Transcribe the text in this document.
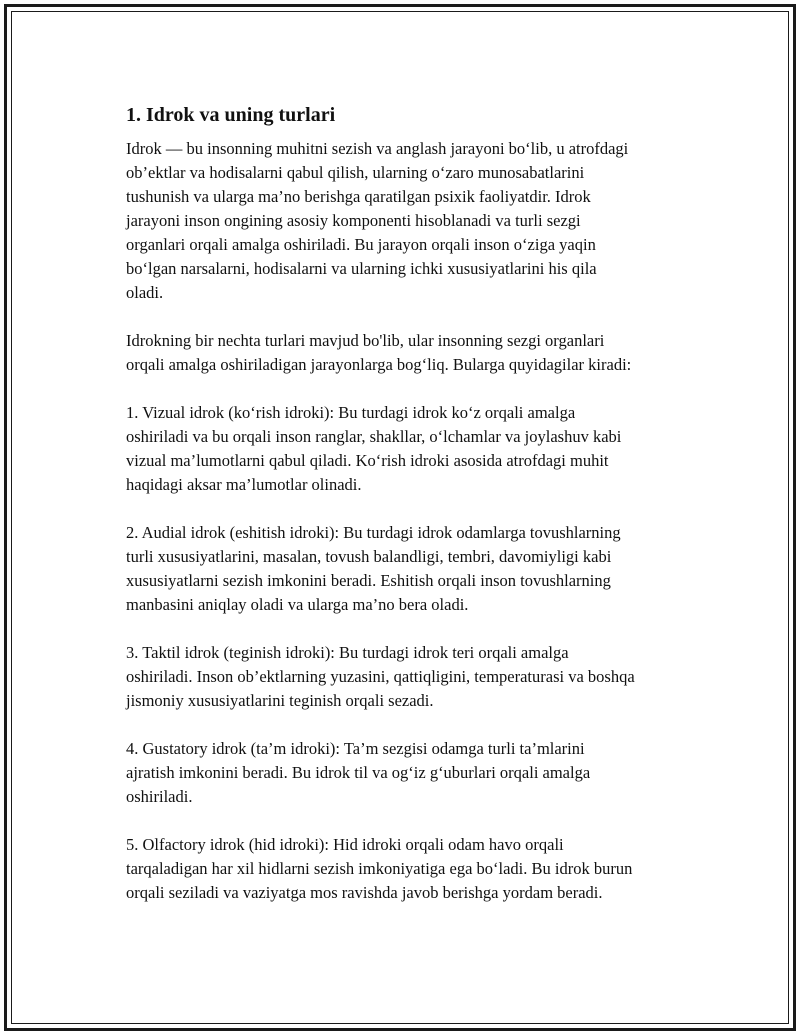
1. Idrok va uning turlari

Idrok — bu insonning muhitni sezish va anglash jarayoni bo‘lib, u atrofdagi
ob’ektlar va hodisalarni qabul qilish, ularning o‘zaro munosabatlarini
tushunish va ularga ma’no berishga qaratilgan psixik faoliyatdir. Idrok
jarayoni inson ongining asosiy komponenti hisoblanadi va turli sezgi
organlari orqali amalga oshiriladi. Bu jarayon orqali inson o‘ziga yaqin
bo‘lgan narsalarni, hodisalarni va ularning ichki xususiyatlarini his qila
oladi.

Idrokning bir nechta turlari mavjud bo'lib, ular insonning sezgi organlari
orqali amalga oshiriladigan jarayonlarga bog‘liq. Bularga quyidagilar kiradi:

1. Vizual idrok (ko‘rish idroki): Bu turdagi idrok ko‘z orqali amalga
oshiriladi va bu orqali inson ranglar, shakllar, o‘lchamlar va joylashuv kabi
vizual ma’lumotlarni qabul qiladi. Ko‘rish idroki asosida atrofdagi muhit
haqidagi aksar ma’lumotlar olinadi.

2. Audial idrok (eshitish idroki): Bu turdagi idrok odamlarga tovushlarning
turli xususiyatlarini, masalan, tovush balandligi, tembri, davomiyligi kabi
xususiyatlarni sezish imkonini beradi. Eshitish orqali inson tovushlarning
manbasini aniqlay oladi va ularga ma’no bera oladi.

3. Taktil idrok (teginish idroki): Bu turdagi idrok teri orqali amalga
oshiriladi. Inson ob’ektlarning yuzasini, qattiqligini, temperaturasi va boshqa
jismoniy xususiyatlarini teginish orqali sezadi.

4. Gustatory idrok (ta’m idroki): Ta’m sezgisi odamga turli ta’mlarini
ajratish imkonini beradi. Bu idrok til va og‘iz g‘uburlari orqali amalga
oshiriladi.

5. Olfactory idrok (hid idroki): Hid idroki orqali odam havo orqali
tarqaladigan har xil hidlarni sezish imkoniyatiga ega bo‘ladi. Bu idrok burun
orqali seziladi va vaziyatga mos ravishda javob berishga yordam beradi.
